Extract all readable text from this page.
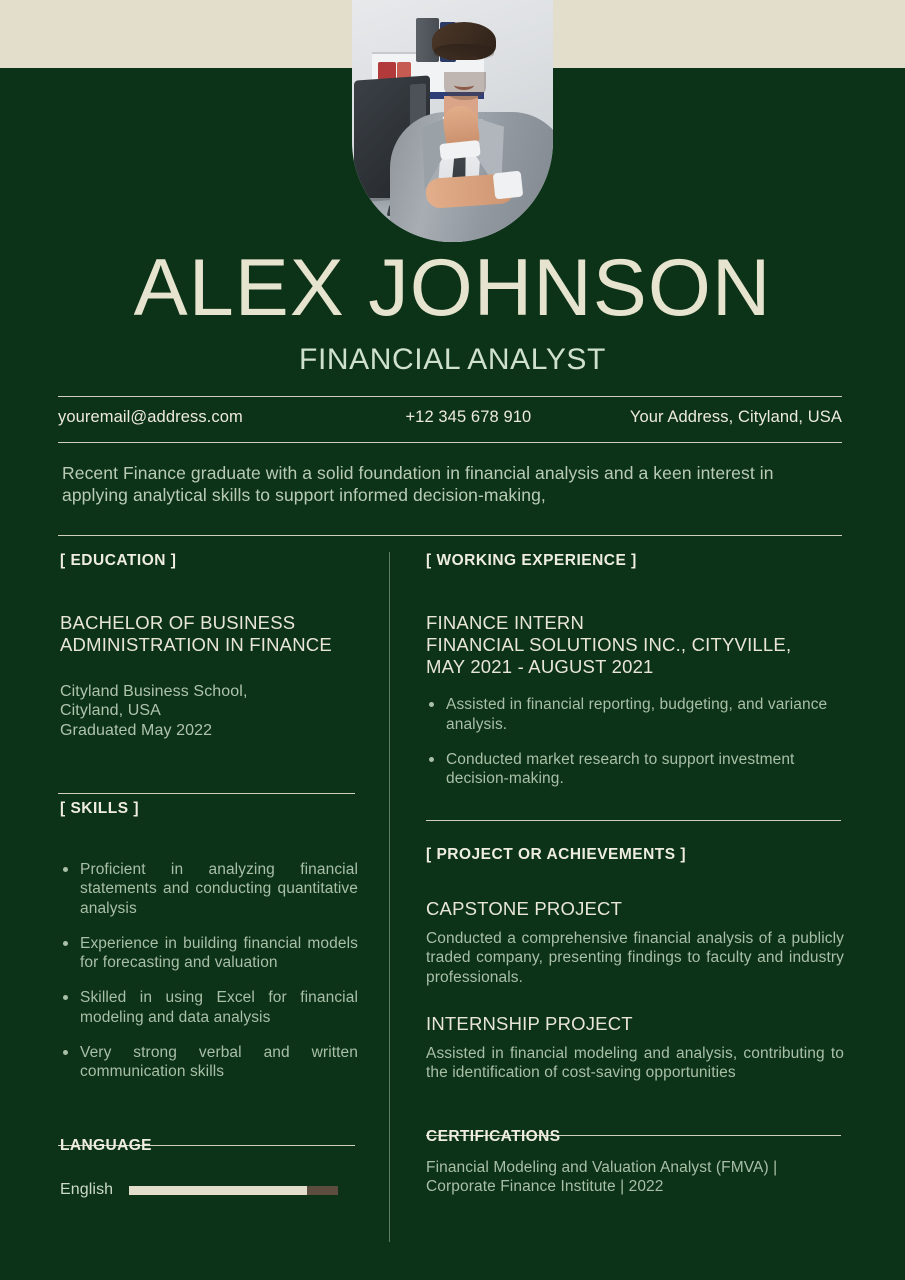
ALEX JOHNSON
FINANCIAL ANALYST
youremail@address.com	+12 345 678 910	Your Address, Cityland, USA
Recent Finance graduate with a solid foundation in financial analysis and a keen interest in applying analytical skills to support informed decision-making,
[ EDUCATION ]
BACHELOR OF BUSINESS ADMINISTRATION IN FINANCE
Cityland Business School,
Cityland, USA
Graduated May 2022
[ SKILLS ]
Proficient in analyzing financial statements and conducting quantitative analysis
Experience in building financial models for forecasting and valuation
Skilled in using Excel for financial modeling and data analysis
Very strong verbal and written communication skills
LANGUAGE
English
[ WORKING EXPERIENCE ]
FINANCE INTERN
FINANCIAL SOLUTIONS INC., CITYVILLE,
MAY 2021 - AUGUST 2021
Assisted in financial reporting, budgeting, and variance analysis.
Conducted market research to support investment decision-making.
[ PROJECT OR ACHIEVEMENTS ]
CAPSTONE PROJECT
Conducted a comprehensive financial analysis of a publicly traded company, presenting findings to faculty and industry professionals.
INTERNSHIP PROJECT
Assisted in financial modeling and analysis, contributing to the identification of cost-saving opportunities
CERTIFICATIONS
Financial Modeling and Valuation Analyst (FMVA) | Corporate Finance Institute | 2022
